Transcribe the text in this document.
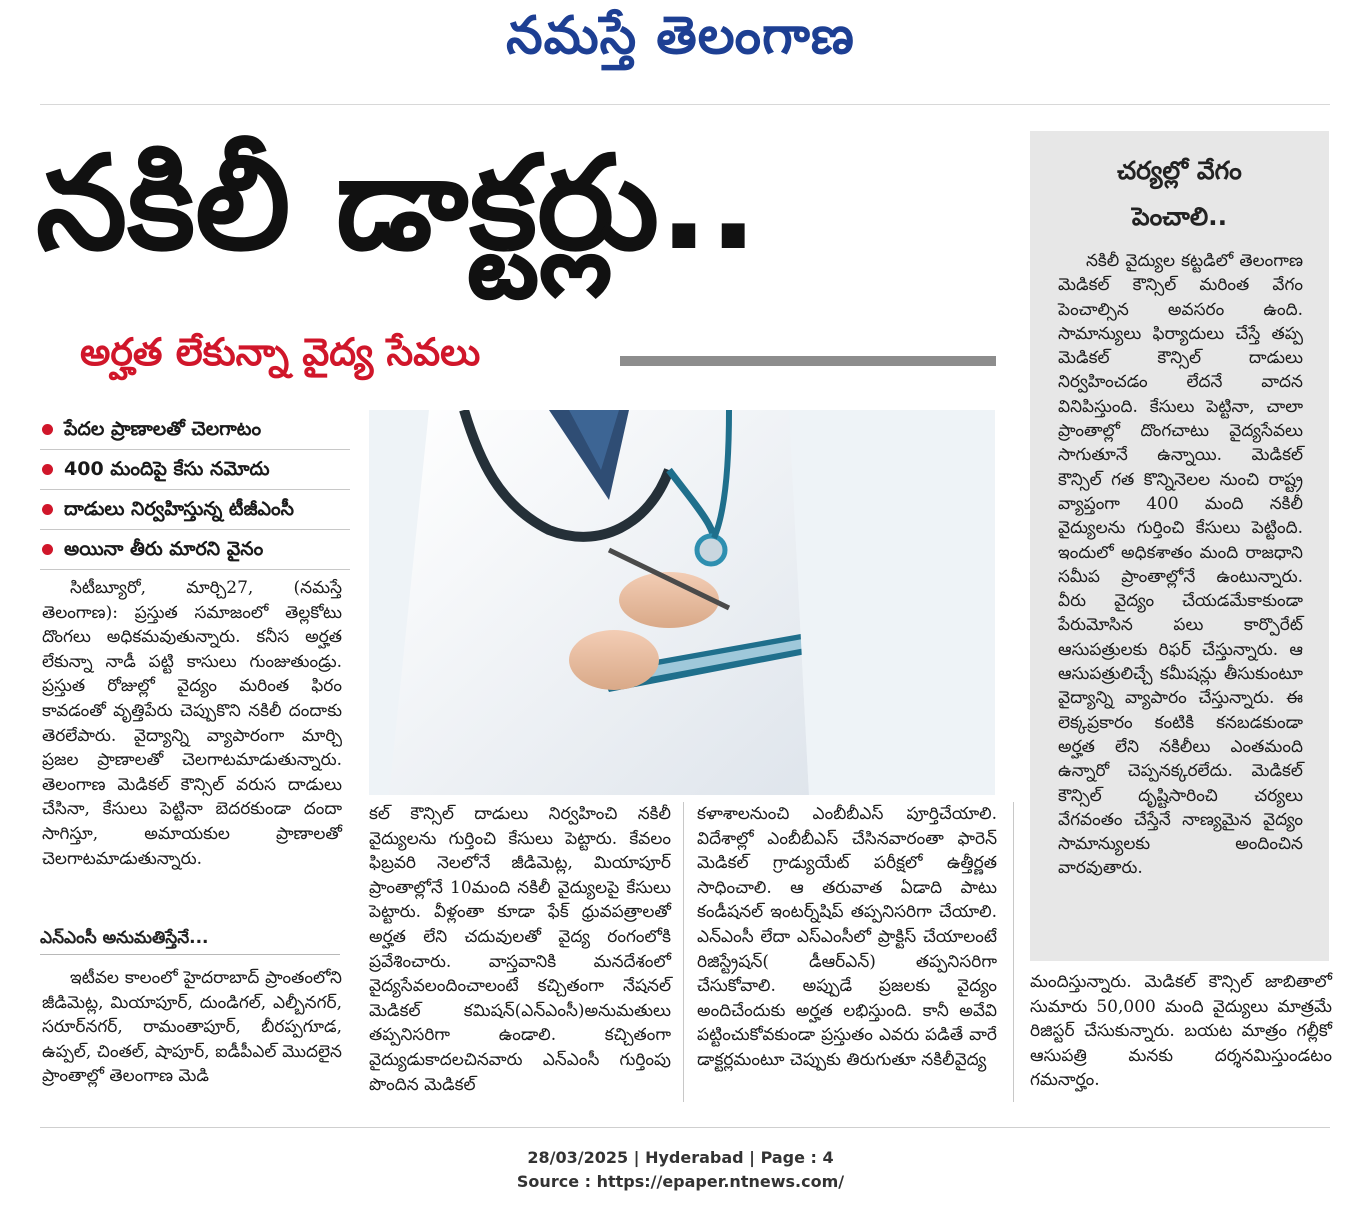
నమస్తే తెలంగాణ
నకిలీ డాక్టర్లు..
అర్హత లేకున్నా వైద్య సేవలు
పేదల ప్రాణాలతో చెలగాటం
400 మందిపై కేసు నమోదు
దాడులు నిర్వహిస్తున్న టీజీఎంసీ
అయినా తీరు మారని వైనం

సిటీబ్యూరో, మార్చి27, (నమస్తే తెలంగాణ): ప్రస్తుత సమాజంలో తెల్లకోటు దొంగలు అధికమవుతున్నారు. కనీస అర్హత లేకున్నా నాడీ పట్టి కాసులు గుంజుతుండ్రు. ప్రస్తుత రోజుల్లో వైద్యం మరింత ఫిరం కావడంతో వృత్తిపేరు చెప్పుకొని నకిలీ దందాకు తెరలేపారు. వైద్యాన్ని వ్యాపారంగా మార్చి ప్రజల ప్రాణాలతో చెలగాటమాడుతున్నారు. తెలంగాణ మెడికల్ కౌన్సిల్ వరుస దాడులు చేసినా, కేసులు పెట్టినా బెదరకుండా దందా సాగిస్తూ, అమాయకుల ప్రాణాలతో చెలగాటమాడుతున్నారు.

ఎన్ఎంసీ అనుమతిస్తేనే...

ఇటీవల కాలంలో హైదరాబాద్ ప్రాంతంలోని జీడిమెట్ల, మియాపూర్, దుండిగల్, ఎల్బీనగర్, సరూర్‌నగర్, రామంతాపూర్, బీరప్పగూడ, ఉప్పల్, చింతల్, షాపూర్, ఐడీపీఎల్ మొదలైన ప్రాంతాల్లో తెలంగాణ మెడి

కల్ కౌన్సిల్ దాడులు నిర్వహించి నకిలీ వైద్యులను గుర్తించి కేసులు పెట్టారు. కేవలం ఫిబ్రవరి నెలలోనే జీడిమెట్ల, మియాపూర్ ప్రాంతాల్లోనే 10మంది నకిలీ వైద్యులపై కేసులు పెట్టారు. వీళ్లంతా కూడా ఫేక్ ధ్రువపత్రాలతో అర్హత లేని చదువులతో వైద్య రంగంలోకి ప్రవేశించారు. వాస్తవానికి మనదేశంలో వైద్యసేవలందించాలంటే కచ్చితంగా నేషనల్ మెడికల్ కమిషన్(ఎన్ఎంసీ)అనుమతులు తప్పనిసరిగా ఉండాలి. కచ్చితంగా వైద్యుడుకాదలచినవారు ఎన్ఎంసీ గుర్తింపు పొందిన మెడికల్

కళాశాలనుంచి ఎంబీబీఎస్ పూర్తిచేయాలి. విదేశాల్లో ఎంబీబీఎస్ చేసినవారంతా ఫారెన్ మెడికల్ గ్రాడ్యుయేట్ పరీక్షలో ఉత్తీర్ణత సాధించాలి. ఆ తరువాత ఏడాది పాటు కండీషనల్ ఇంటర్న్‌షిప్ తప్పనిసరిగా చేయాలి. ఎన్ఎంసీ లేదా ఎస్ఎంసీలో ప్రాక్టిస్ చేయాలంటే రిజిస్ట్రేషన్( డీఆర్ఎన్) తప్పనిసరిగా చేసుకోవాలి. అప్పుడే ప్రజలకు వైద్యం అందిచేందుకు అర్హత లభిస్తుంది. కానీ అవేవి పట్టించుకోవకుండా ప్రస్తుతం ఎవరు పడితే వారే డాక్టర్లమంటూ చెప్పుకు తిరుగుతూ నకిలీవైద్య

చర్యల్లో వేగం
పెంచాలి..

నకిలీ వైద్యుల కట్టడిలో తెలంగాణ మెడికల్ కౌన్సిల్ మరింత వేగం పెంచాల్సిన అవసరం ఉంది. సామాన్యులు ఫిర్యాదులు చేస్తే తప్ప మెడికల్ కౌన్సిల్ దాడులు నిర్వహించడం లేదనే వాదన వినిపిస్తుంది. కేసులు పెట్టినా, చాలా ప్రాంతాల్లో దొంగచాటు వైద్యసేవలు సాగుతూనే ఉన్నాయి. మెడికల్ కౌన్సిల్ గత కొన్నినెలల నుంచి రాష్ట్ర వ్యాప్తంగా 400 మంది నకిలీ వైద్యులను గుర్తించి కేసులు పెట్టింది. ఇందులో అధికశాతం మంది రాజధాని సమీప ప్రాంతాల్లోనే ఉంటున్నారు. వీరు వైద్యం చేయడమేకాకుండా పేరుమోసిన పలు కార్పొరేట్ ఆసుపత్రులకు రిఫర్ చేస్తున్నారు. ఆ ఆసుపత్రులిచ్చే కమీషన్లు తీసుకుంటూ వైద్యాన్ని వ్యాపారం చేస్తున్నారు. ఈ లెక్కప్రకారం కంటికి కనబడకుండా అర్హత లేని నకిలీలు ఎంతమంది ఉన్నారో చెప్పనక్కరలేదు. మెడికల్ కౌన్సిల్ దృష్టిసారించి చర్యలు వేగవంతం చేస్తేనే నాణ్యమైన వైద్యం సామాన్యులకు అందించిన వారవుతారు.

మందిస్తున్నారు. మెడికల్ కౌన్సిల్ జాబితాలో సుమారు 50,000 మంది వైద్యులు మాత్రమే రిజిస్టర్ చేసుకున్నారు. బయట మాత్రం గల్లీకో ఆసుపత్రి మనకు దర్శనమిస్తుండటం గమనార్హం.

28/03/2025 | Hyderabad | Page : 4
Source : https://epaper.ntnews.com/
